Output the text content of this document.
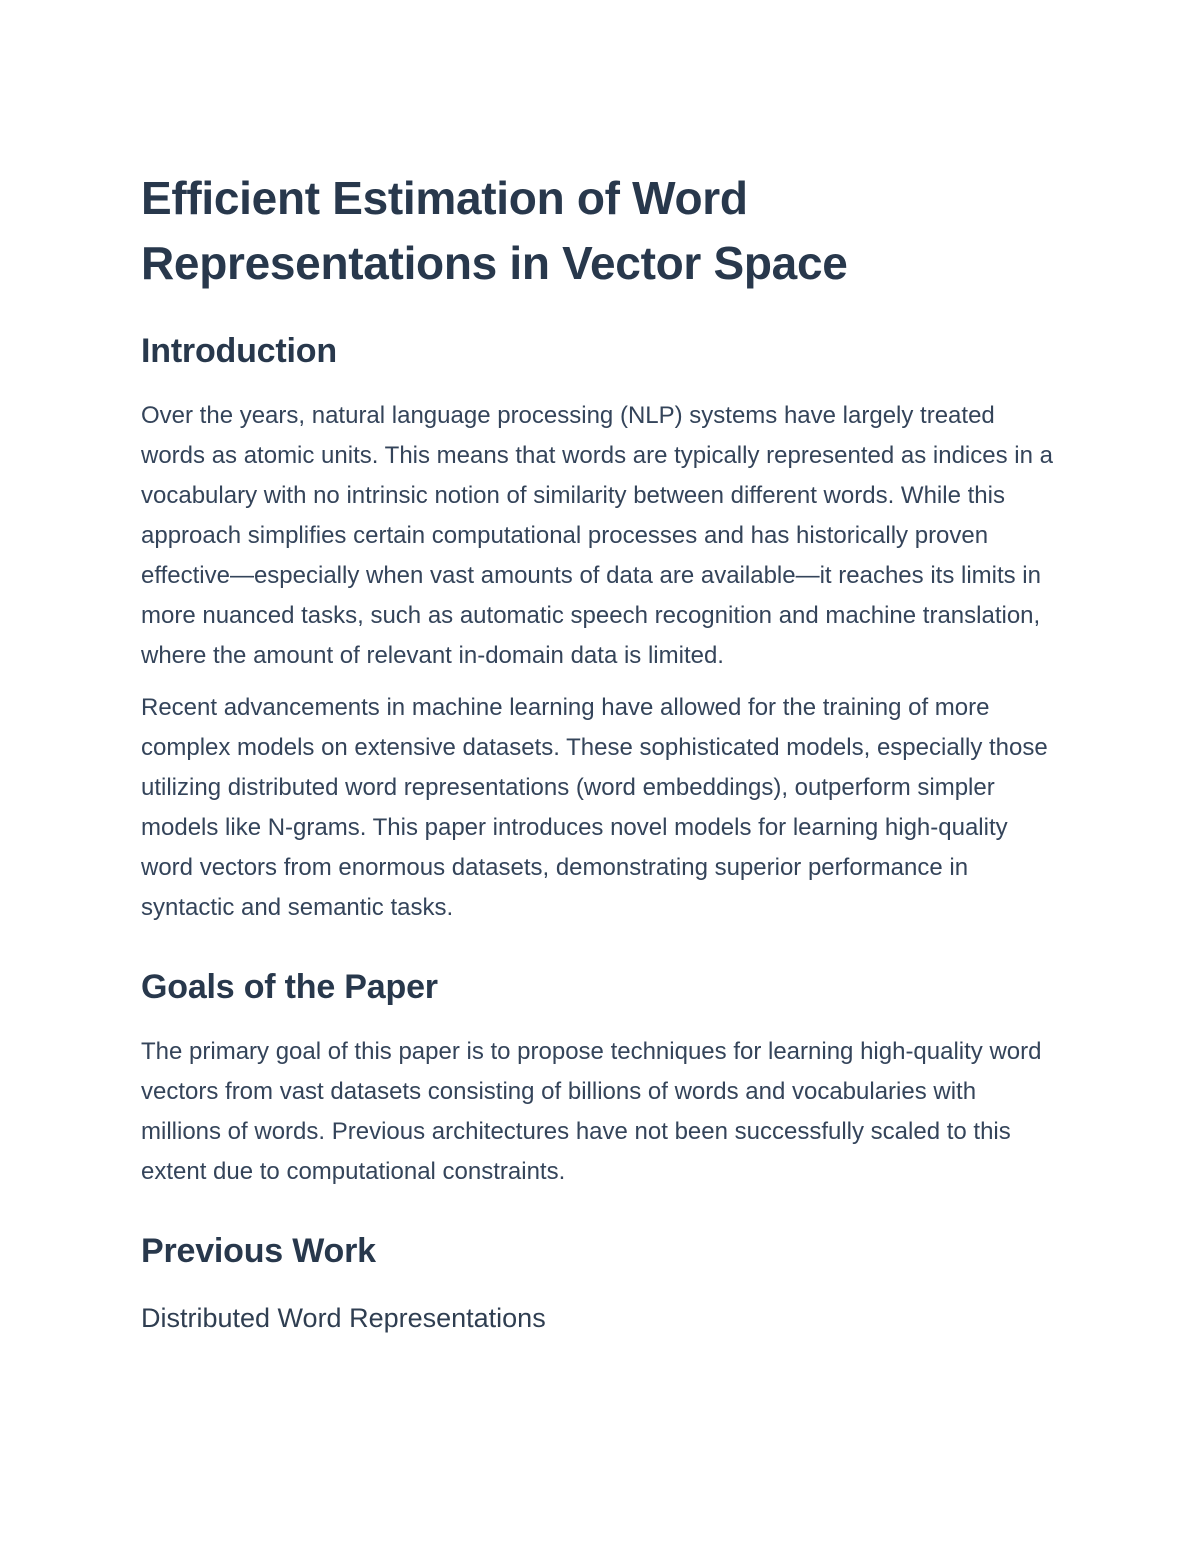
Efficient Estimation of Word Representations in Vector Space
Introduction

Over the years, natural language processing (NLP) systems have largely treated words as atomic units. This means that words are typically represented as indices in a vocabulary with no intrinsic notion of similarity between different words. While this approach simplifies certain computational processes and has historically proven effective—especially when vast amounts of data are available—it reaches its limits in more nuanced tasks, such as automatic speech recognition and machine translation, where the amount of relevant in-domain data is limited.

Recent advancements in machine learning have allowed for the training of more complex models on extensive datasets. These sophisticated models, especially those utilizing distributed word representations (word embeddings), outperform simpler models like N-grams. This paper introduces novel models for learning high-quality word vectors from enormous datasets, demonstrating superior performance in syntactic and semantic tasks.

Goals of the Paper

The primary goal of this paper is to propose techniques for learning high-quality word vectors from vast datasets consisting of billions of words and vocabularies with millions of words. Previous architectures have not been successfully scaled to this extent due to computational constraints.

Previous Work
Distributed Word Representations
